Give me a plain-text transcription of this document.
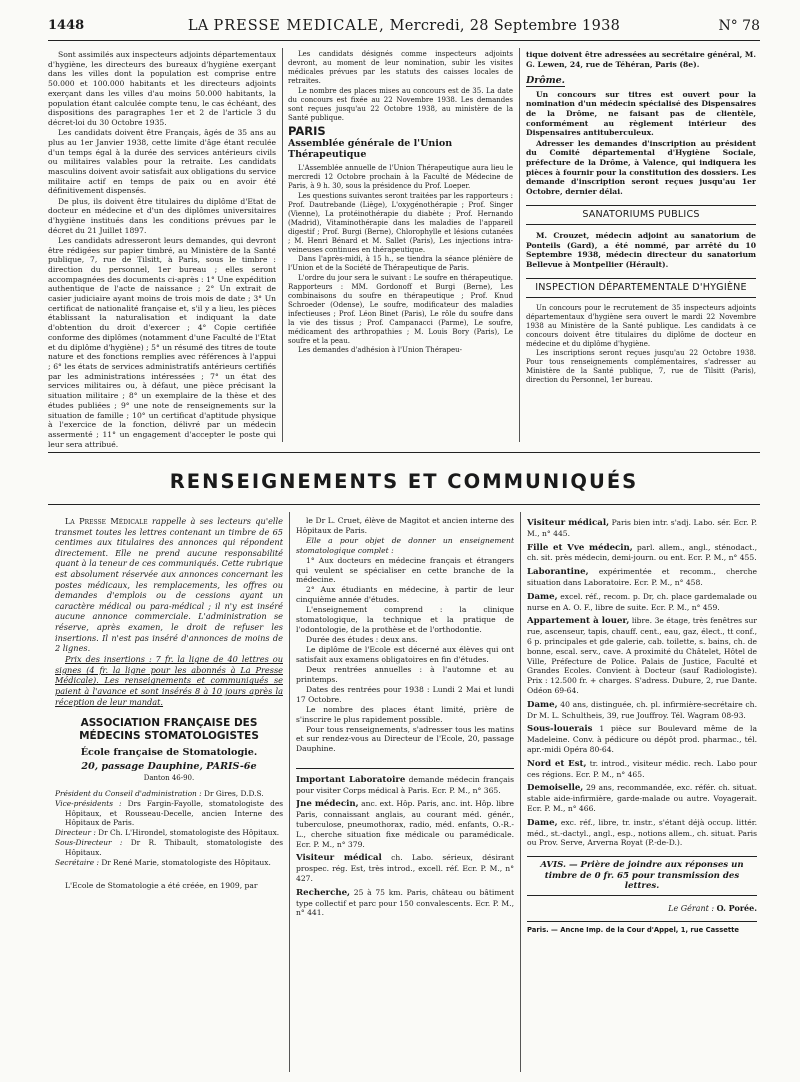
1448	LA PRESSE MEDICALE, Mercredi, 28 Septembre 1938	N° 78

Sont assimilés aux inspecteurs adjoints départementaux d'hygiène, les directeurs des bureaux d'hygiène exerçant dans les villes dont la population est comprise entre 50.000 et 100.000 habitants et les directeurs adjoints exerçant dans les villes d'au moins 50.000 habitants, la population étant calculée compte tenu, le cas échéant, des dispositions des paragraphes 1er et 2 de l'article 3 du décret-loi du 30 Octobre 1935.

Les candidats doivent être Français, âgés de 35 ans au plus au 1er Janvier 1938, cette limite d'âge étant reculée d'un temps égal à la durée des services antérieurs civils ou militaires valables pour la retraite. Les candidats masculins doivent avoir satisfait aux obligations du service militaire actif en temps de paix ou en avoir été définitivement dispensés.

De plus, ils doivent être titulaires du diplôme d'Etat de docteur en médecine et d'un des diplômes universitaires d'hygiène institués dans les conditions prévues par le décret du 21 Juillet 1897.

Les candidats adresseront leurs demandes, qui devront être rédigées sur papier timbré, au Ministère de la Santé publique, 7, rue de Tilsitt, à Paris, sous le timbre : direction du personnel, 1er bureau ; elles seront accompagnées des documents ci-après : 1° Une expédition authentique de l'acte de naissance ; 2° Un extrait de casier judiciaire ayant moins de trois mois de date ; 3° Un certificat de nationalité française et, s'il y a lieu, les pièces établissant la naturalisation et indiquant la date d'obtention du droit d'exercer ; 4° Copie certifiée conforme des diplômes (notamment d'une Faculté de l'Etat et du diplôme d'hygiène) ; 5° un résumé des titres de toute nature et des fonctions remplies avec références à l'appui ; 6° les états de services administratifs antérieurs certifiés par les administrations intéressées ; 7° un état des services militaires ou, à défaut, une pièce précisant la situation militaire ; 8° un exemplaire de la thèse et des études publiées ; 9° une note de renseignements sur la situation de famille ; 10° un certificat d'aptitude physique à l'exercice de la fonction, délivré par un médecin assermenté ; 11° un engagement d'accepter le poste qui leur sera attribué.

Les candidats désignés comme inspecteurs adjoints devront, au moment de leur nomination, subir les visites médicales prévues par les statuts des caisses locales de retraites.

Le nombre des places mises au concours est de 35. La date du concours est fixée au 22 Novembre 1938. Les demandes sont reçues jusqu'au 22 Octobre 1938, au ministère de la Santé publique.

PARIS
Assemblée générale de l'Union Thérapeutique

L'Assemblée annuelle de l'Union Thérapeutique aura lieu le mercredi 12 Octobre prochain à la Faculté de Médecine de Paris, à 9 h. 30, sous la présidence du Prof. Loeper.

Les questions suivantes seront traitées par les rapporteurs : Prof. Dautrebande (Liège), L'oxygénothérapie ; Prof. Singer (Vienne), La protéinothérapie du diabète ; Prof. Hernando (Madrid), Vitaminothérapie dans les maladies de l'appareil digestif ; Prof. Burgi (Berne), Chlorophylle et lésions cutanées ; M. Henri Bénard et M. Sallet (Paris), Les injections intra-veineuses continues en thérapeutique.

Dans l'après-midi, à 15 h., se tiendra la séance plénière de l'Union et de la Société de Thérapeutique de Paris.

L'ordre du jour sera le suivant : Le soufre en thérapeutique. Rapporteurs : MM. Gordonoff et Burgi (Berne), Les combinaisons du soufre en thérapeutique ; Prof. Knud Schroeder (Odense), Le soufre, modificateur des maladies infectieuses ; Prof. Léon Binet (Paris), Le rôle du soufre dans la vie des tissus ; Prof. Campanacci (Parme), Le soufre, médicament des arthropathies ; M. Louis Bory (Paris), Le soufre et la peau.

Les demandes d'adhésion à l'Union Thérapeu-

tique doivent être adressées au secrétaire général, M. G. Lewen, 24, rue de Téhéran, Paris (8e).

Drôme.

Un concours sur titres est ouvert pour la nomination d'un médecin spécialisé des Dispensaires de la Drôme, ne faisant pas de clientèle, conformément au règlement intérieur des Dispensaires antituberculeux.

Adresser les demandes d'inscription au président du Comité départemental d'Hygiène Sociale, préfecture de la Drôme, à Valence, qui indiquera les pièces à fournir pour la constitution des dossiers. Les demande d'inscription seront reçues jusqu'au 1er Octobre, dernier délai.

SANATORIUMS PUBLICS

M. Crouzet, médecin adjoint au sanatorium de Ponteils (Gard), a été nommé, par arrêté du 10 Septembre 1938, médecin directeur du sanatorium Bellevue à Montpellier (Hérault).

INSPECTION DÉPARTEMENTALE D'HYGIÈNE

Un concours pour le recrutement de 35 inspecteurs adjoints départementaux d'hygiène sera ouvert le mardi 22 Novembre 1938 au Ministère de la Santé publique. Les candidats à ce concours doivent être titulaires du diplôme de docteur en médecine et du diplôme d'hygiène.

Les inscriptions seront reçues jusqu'au 22 Octobre 1938. Pour tous renseignements complémentaires, s'adresser au Ministère de la Santé publique, 7, rue de Tilsitt (Paris), direction du Personnel, 1er bureau.

RENSEIGNEMENTS ET COMMUNIQUÉS

La Presse Médicale rappelle à ses lecteurs qu'elle transmet toutes les lettres contenant un timbre de 65 centimes aux titulaires des annonces qui répondent directement. Elle ne prend aucune responsabilité quant à la teneur de ces communiqués. Cette rubrique est absolument réservée aux annonces concernant les postes médicaux, les remplacements, les offres ou demandes d'emplois ou de cessions ayant un caractère médical ou para-médical ; il n'y est inséré aucune annonce commerciale. L'administration se réserve, après examen, le droit de refuser les insertions. Il n'est pas inséré d'annonces de moins de 2 lignes.

Prix des insertions : 7 fr. la ligne de 40 lettres ou signes (4 fr. la ligne pour les abonnés à La Presse Médicale). Les renseignements et communiqués se paient à l'avance et sont insérés 8 à 10 jours après la réception de leur mandat.

ASSOCIATION FRANÇAISE DES MÉDECINS STOMATOLOGISTES
École française de Stomatologie.
20, passage Dauphine, PARIS-6e
Danton 46-90.

Président du Conseil d'administration : Dr Gires, D.D.S.

Vice-présidents : Drs Fargin-Fayolle, stomatologiste des Hôpitaux, et Rousseau-Decelle, ancien Interne des Hôpitaux de Paris.

Directeur : Dr Ch. L'Hirondel, stomatologiste des Hôpitaux.

Sous-Directeur : Dr R. Thibault, stomatologiste des Hôpitaux.

Secrétaire : Dr René Marie, stomatologiste des Hôpitaux.

L'Ecole de Stomatologie a été créée, en 1909, par

le Dr L. Cruet, élève de Magitot et ancien interne des Hôpitaux de Paris.

Elle a pour objet de donner un enseignement stomatologique complet :

1° Aux docteurs en médecine français et étrangers qui veulent se spécialiser en cette branche de la médecine.

2° Aux étudiants en médecine, à partir de leur cinquième année d'études.

L'enseignement comprend : la clinique stomatologique, la technique et la pratique de l'odontologie, de la prothèse et de l'orthodontie.

Durée des études : deux ans.

Le diplôme de l'Ecole est décerné aux élèves qui ont satisfait aux examens obligatoires en fin d'études.

Deux rentrées annuelles : à l'automne et au printemps.

Dates des rentrées pour 1938 : Lundi 2 Mai et lundi 17 Octobre.

Le nombre des places étant limité, prière de s'inscrire le plus rapidement possible.

Pour tous renseignements, s'adresser tous les matins et sur rendez-vous au Directeur de l'Ecole, 20, passage Dauphine.

Important Laboratoire demande médecin français pour visiter Corps médical à Paris. Ecr. P. M., n° 365.

Jne médecin, anc. ext. Hôp. Paris, anc. int. Hôp. libre Paris, connaissant anglais, au courant méd. génér., tuberculose, pneumothorax, radio, méd. enfants, O.-R.-L., cherche situation fixe médicale ou paramédicale. Ecr. P. M., n° 379.

Visiteur médical ch. Labo. sérieux, désirant prospec. rég. Est, très introd., excell. réf. Ecr. P. M., n° 427.

Recherche, 25 à 75 km. Paris, château ou bâtiment type collectif et parc pour 150 convalescents. Ecr. P. M., n° 441.

Visiteur médical, Paris bien intr. s'adj. Labo. sér. Ecr. P. M., n° 445.

Fille et Vve médecin, parl. allem., angl., sténodact., ch. sit. près médecin, demi-journ. ou ent. Ecr. P. M., n° 455.

Laborantine, expérimentée et recomm., cherche situation dans Laboratoire. Ecr. P. M., n° 458.

Dame, excel. réf., recom. p. Dr, ch. place gardemalade ou nurse en A. O. F., libre de suite. Ecr. P. M., n° 459.

Appartement à louer, libre. 3e étage, très fenêtres sur rue, ascenseur, tapis, chauff. cent., eau, gaz, élect., tt conf., 6 p. principales et gde galerie, cab. toilette, s. bains, ch. de bonne, escal. serv., cave. A proximité du Châtelet, Hôtel de Ville, Préfecture de Police. Palais de Justice, Faculté et Grandes Ecoles. Convient à Docteur (sauf Radiologiste). Prix : 12.500 fr. + charges. S'adress. Dubure, 2, rue Dante. Odéon 69-64.

Dame, 40 ans, distinguée, ch. pl. infirmière-secrétaire ch. Dr M. L. Schultheis, 39, rue Jouffroy. Tél. Wagram 08-93.

Sous-louerais 1 pièce sur Boulevard même de la Madeleine. Conv. à pédicure ou dépôt prod. pharmac., tél. apr.-midi Opéra 80-64.

Nord et Est, tr. introd., visiteur médic. rech. Labo pour ces régions. Ecr. P. M., n° 465.

Demoiselle, 29 ans, recommandée, exc. référ. ch. situat. stable aide-infirmière, garde-malade ou autre. Voyagerait. Ecr. P. M., n° 466.

Dame, exc. réf., libre, tr. instr., s'étant déjà occup. littér. méd., st.-dactyl., angl., esp., notions allem., ch. situat. Paris ou Prov. Serve, Arverna Royat (P.-de-D.).

AVIS. — Prière de joindre aux réponses un timbre de 0 fr. 65 pour transmission des lettres.
Le Gérant : O. Porée.
Paris. — Ancne Imp. de la Cour d'Appel, 1, rue Cassette
